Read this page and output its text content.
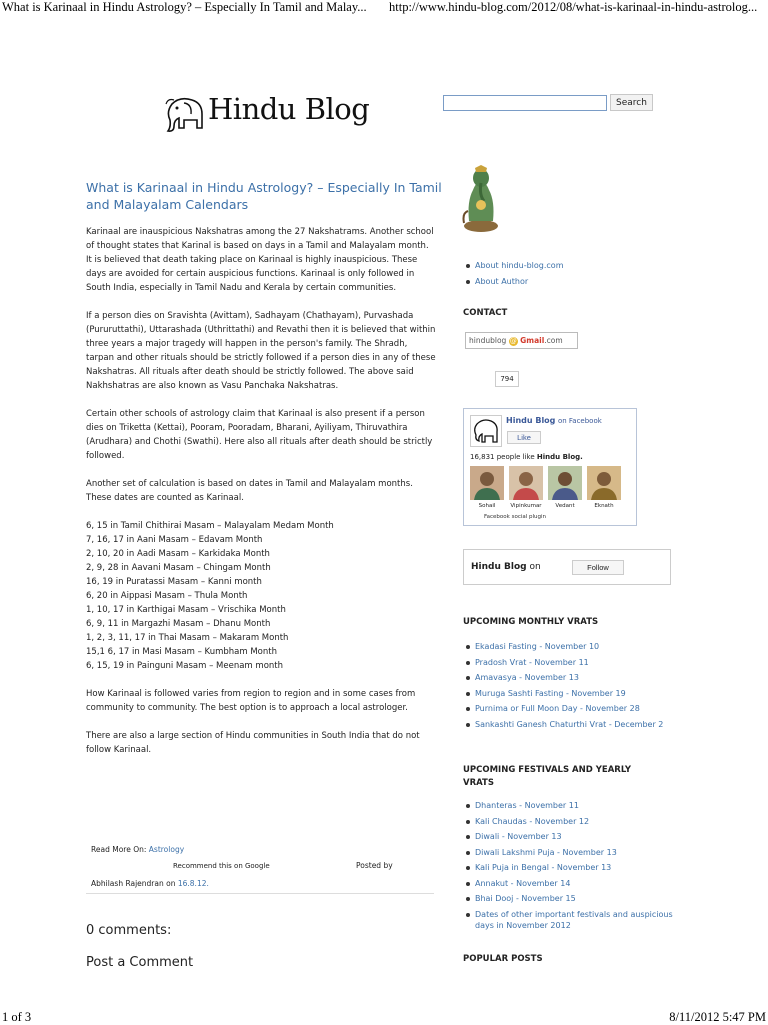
What is Karinaal in Hindu Astrology? – Especially In Tamil and Malay... http://www.hindu-blog.com/2012/08/what-is-karinaal-in-hindu-astrolog...
Hindu Blog	Search
What is Karinaal in Hindu Astrology? – Especially In Tamil and Malayalam Calendars

Karinaal are inauspicious Nakshatras among the 27 Nakshatrams. Another school of thought states that Karinal is based on days in a Tamil and Malayalam month. It is believed that death taking place on Karinaal is highly inauspicious. These days are avoided for certain auspicious functions. Karinaal is only followed in South India, especially in Tamil Nadu and Kerala by certain communities.

If a person dies on Sravishta (Avittam), Sadhayam (Chathayam), Purvashada (Pururuttathi), Uttarashada (Uthrittathi) and Revathi then it is believed that within three years a major tragedy will happen in the person's family. The Shradh, tarpan and other rituals should be strictly followed if a person dies in any of these Nakshatras. All rituals after death should be strictly followed. The above said Nakhshatras are also known as Vasu Panchaka Nakshatras.

Certain other schools of astrology claim that Karinaal is also present if a person dies on Triketta (Kettai), Pooram, Pooradam, Bharani, Ayiliyam, Thiruvathira (Arudhara) and Chothi (Swathi). Here also all rituals after death should be strictly followed.

Another set of calculation is based on dates in Tamil and Malayalam months. These dates are counted as Karinaal.

6, 15 in Tamil Chithirai Masam – Malayalam Medam Month
7, 16, 17 in Aani Masam – Edavam Month
2, 10, 20 in Aadi Masam – Karkidaka Month
2, 9, 28 in Aavani Masam – Chingam Month
16, 19 in Puratassi Masam – Kanni month
6, 20 in Aippasi Masam – Thula Month
1, 10, 17 in Karthigai Masam – Vrischika Month
6, 9, 11 in Margazhi Masam – Dhanu Month
1, 2, 3, 11, 17 in Thai Masam – Makaram Month
15,1 6, 17 in Masi Masam – Kumbham Month
6, 15, 19 in Painguni Masam – Meenam month

How Karinaal is followed varies from region to region and in some cases from community to community. The best option is to approach a local astrologer.

There are also a large section of Hindu communities in South India that do not follow Karinaal.

Read More On: Astrology
Recommend this on Google	Posted by
Abhilash Rajendran on 16.8.12.
0 comments:
Post a Comment
About hindu-blog.com
About Author
CONTACT
hindublog @ Gmail.com
794
Hindu Blog on Facebook
Like
16,831 people like Hindu Blog.
Sohail	Vipinkumar	Vedant	Eknath
Facebook social plugin
Hindu Blog on	Follow
UPCOMING MONTHLY VRATS
Ekadasi Fasting - November 10
Pradosh Vrat - November 11
Amavasya - November 13
Muruga Sashti Fasting - November 19
Purnima or Full Moon Day - November 28
Sankashti Ganesh Chaturthi Vrat - December 2
UPCOMING FESTIVALS AND YEARLY VRATS
Dhanteras - November 11
Kali Chaudas - November 12
Diwali - November 13
Diwali Lakshmi Puja - November 13
Kali Puja in Bengal - November 13
Annakut - November 14
Bhai Dooj - November 15
Dates of other important festivals and auspicious days in November 2012
POPULAR POSTS
1 of 3	8/11/2012 5:47 PM
